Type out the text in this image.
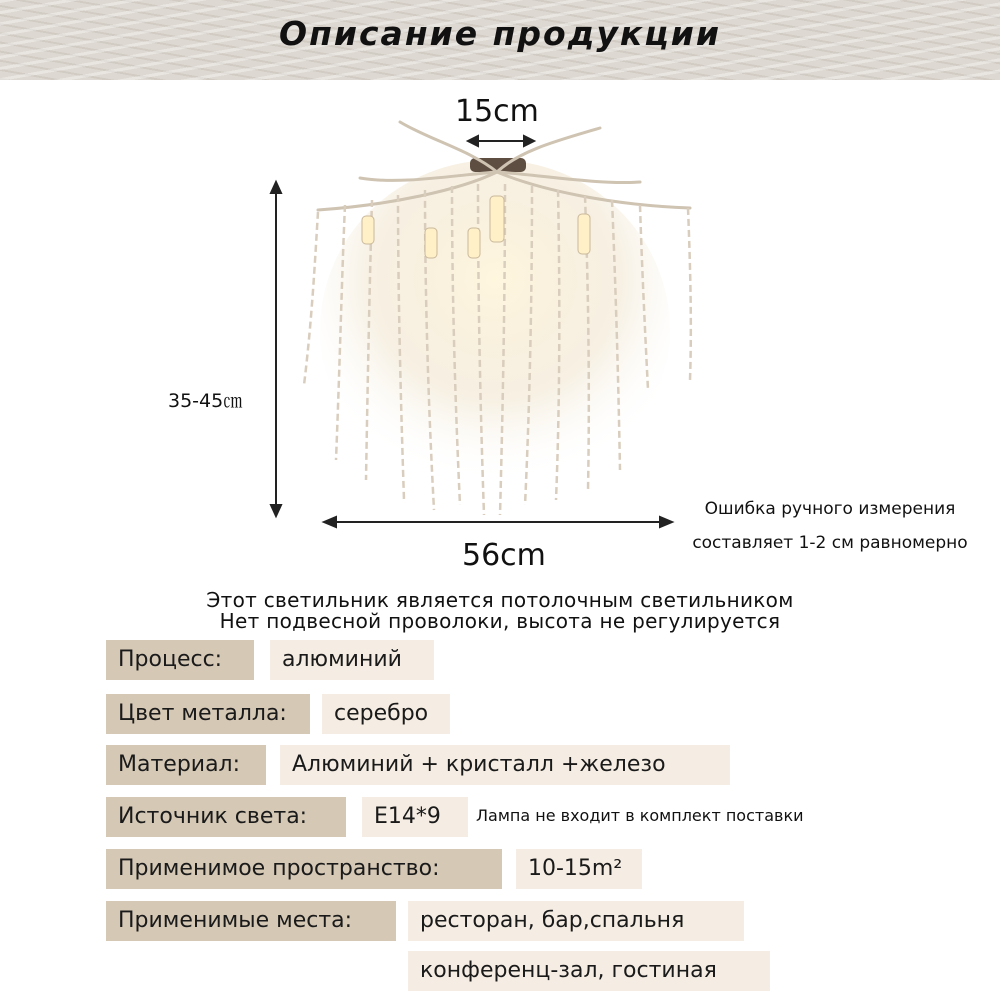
Описание продукции
15cm
35-45㎝
56cm
Ошибка ручного измерения
составляет 1-2 см равномерно
Этот светильник является потолочным светильником
Нет подвесной проволоки, высота не регулируется
Процесс:	алюминий
Цвет металла:	серебро
Материал:	Алюминий + кристалл +железо
Источник света:	E14*9	Лампа не входит в комплект поставки
Применимое пространство:	10-15m²
Применимые места:	ресторан, бар,спальня
конференц-зал, гостиная
